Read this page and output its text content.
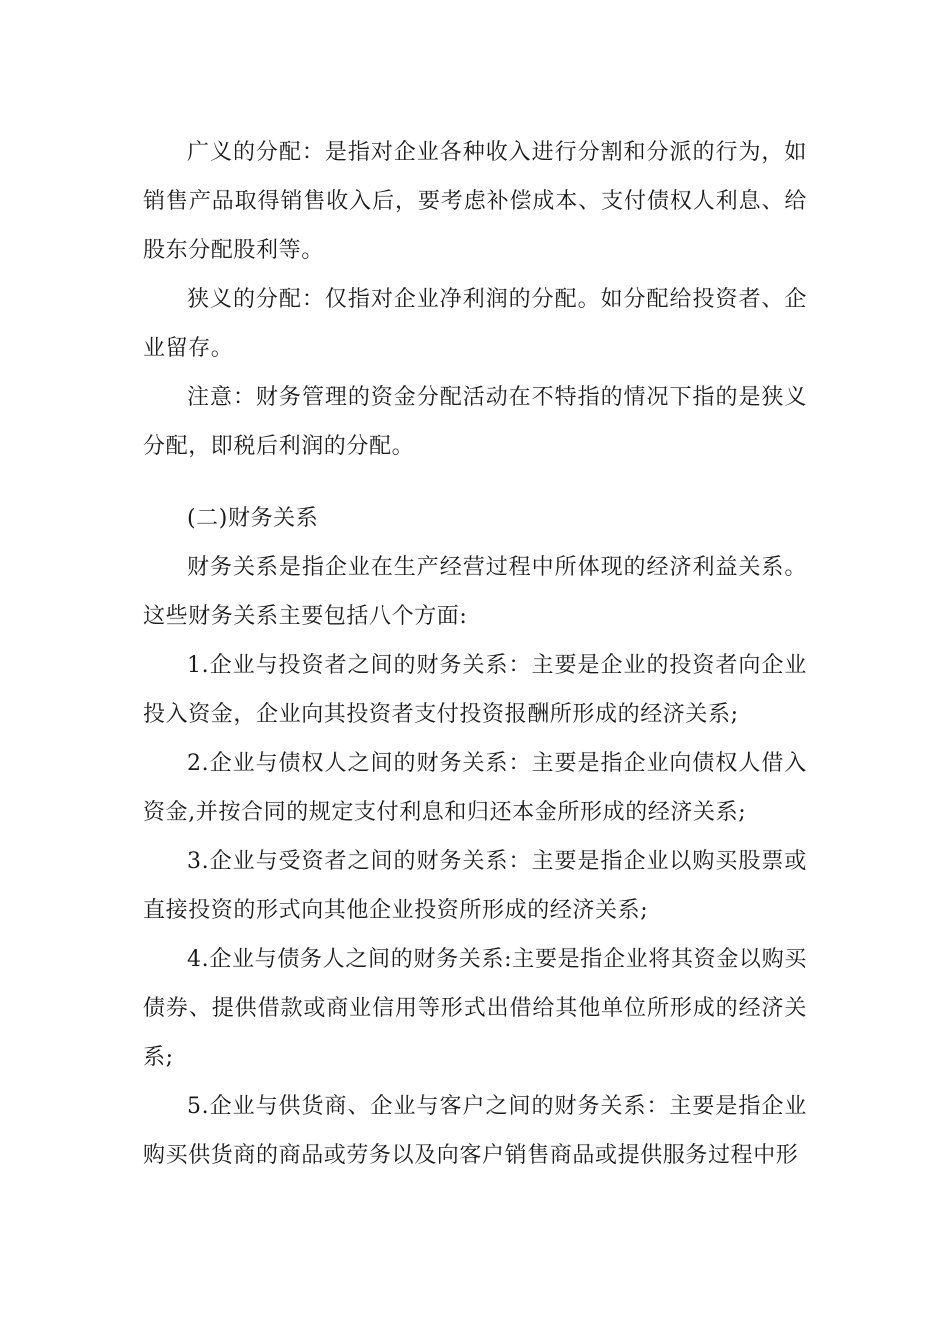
广义的分配：是指对企业各种收入进行分割和分派的行为，如销售产品取得销售收入后，要考虑补偿成本、支付债权人利息、给股东分配股利等。

狭义的分配：仅指对企业净利润的分配。如分配给投资者、企业留存。

注意：财务管理的资金分配活动在不特指的情况下指的是狭义分配，即税后利润的分配。

(二)财务关系

财务关系是指企业在生产经营过程中所体现的经济利益关系。这些财务关系主要包括八个方面:

1.企业与投资者之间的财务关系：主要是企业的投资者向企业投入资金，企业向其投资者支付投资报酬所形成的经济关系;

2.企业与债权人之间的财务关系：主要是指企业向债权人借入资金,并按合同的规定支付利息和归还本金所形成的经济关系;

3.企业与受资者之间的财务关系：主要是指企业以购买股票或直接投资的形式向其他企业投资所形成的经济关系;

4.企业与债务人之间的财务关系:主要是指企业将其资金以购买债券、提供借款或商业信用等形式出借给其他单位所形成的经济关系;

5.企业与供货商、企业与客户之间的财务关系：主要是指企业购买供货商的商品或劳务以及向客户销售商品或提供服务过程中形
